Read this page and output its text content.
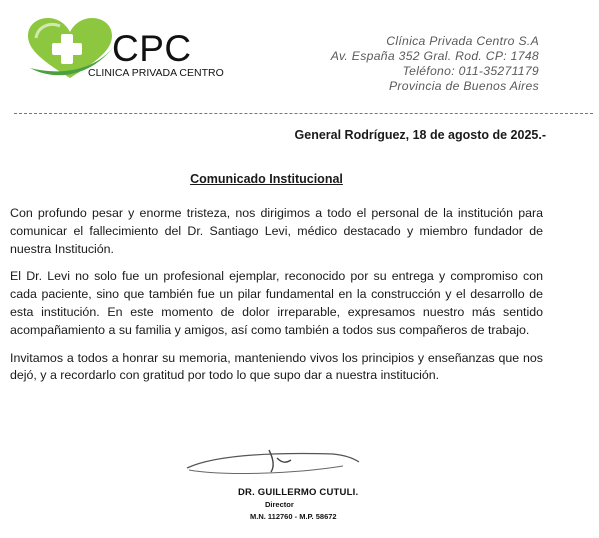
CPC
CLINICA PRIVADA CENTRO
Clínica Privada Centro S.A
Av. España 352 Gral. Rod. CP: 1748
Teléfono: 011-35271179
Provincia de Buenos Aires
General Rodríguez, 18 de agosto de 2025.-
Comunicado Institucional

Con profundo pesar y enorme tristeza, nos dirigimos a todo el personal de la institución para comunicar el fallecimiento del Dr. Santiago Levi, médico destacado y miembro fundador de nuestra Institución.

El Dr. Levi no solo fue un profesional ejemplar, reconocido por su entrega y compromiso con cada paciente, sino que también fue un pilar fundamental en la construcción y el desarrollo de esta institución. En este momento de dolor irreparable, expresamos nuestro más sentido acompañamiento a su familia y amigos, así como también a todos sus compañeros de trabajo.

Invitamos a todos a honrar su memoria, manteniendo vivos los principios y enseñanzas que nos dejó, y a recordarlo con gratitud por todo lo que supo dar a nuestra institución.

DR. GUILLERMO CUTULI.
Director
M.N. 112760 - M.P. 58672
